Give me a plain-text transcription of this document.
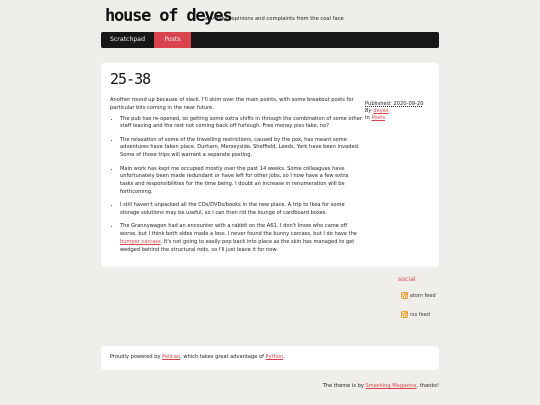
house of deyes
worthless opinions and complaints from the coal face
Scratchpad	Posts
25-38

Another round up because of slack. I'll skim over the main points, with some breakout posts for particular bits coming in the near future.

• The pub has re-opened, so getting some extra shifts in through the combination of some other staff leaving and the rest not coming back off furlough. Free money piss take, no?
• The relaxation of some of the travelling restrictions, caused by the pox, has meant some adventures have taken place. Durham, Merseyside, Sheffield, Leeds, York have been invaded. Some of those trips will warrant a separate posting.
• Main work has kept me occupied mostly over the past 14 weeks. Some colleagues have unfortunately been made redundant or have left for other jobs, so I now have a few extra tasks and responsibilities for the time being. I doubt an increase in renumeration will be forthcoming.
• I still haven't unpacked all the CDs/DVDs/books in the new place. A trip to Ikea for some storage solutions may be useful, so I can then rid the lounge of cardboard boxes.
• The Grannywagon had an encounter with a rabbit on the A61. I don't know who came off worse, but I think both sides made a loss. I never found the bunny carcass, but I do have the bumper carcass. It's not going to easily pop back into place as the skin has managed to get wedged behind the structural rods, so I'll just leave it for now.
Published: 2020-09-20
By deyes
In Posts.
social
atom feed
rss feed
Proudly powered by Pelican, which takes great advantage of Python.
The theme is by Smashing Magazine, thanks!
